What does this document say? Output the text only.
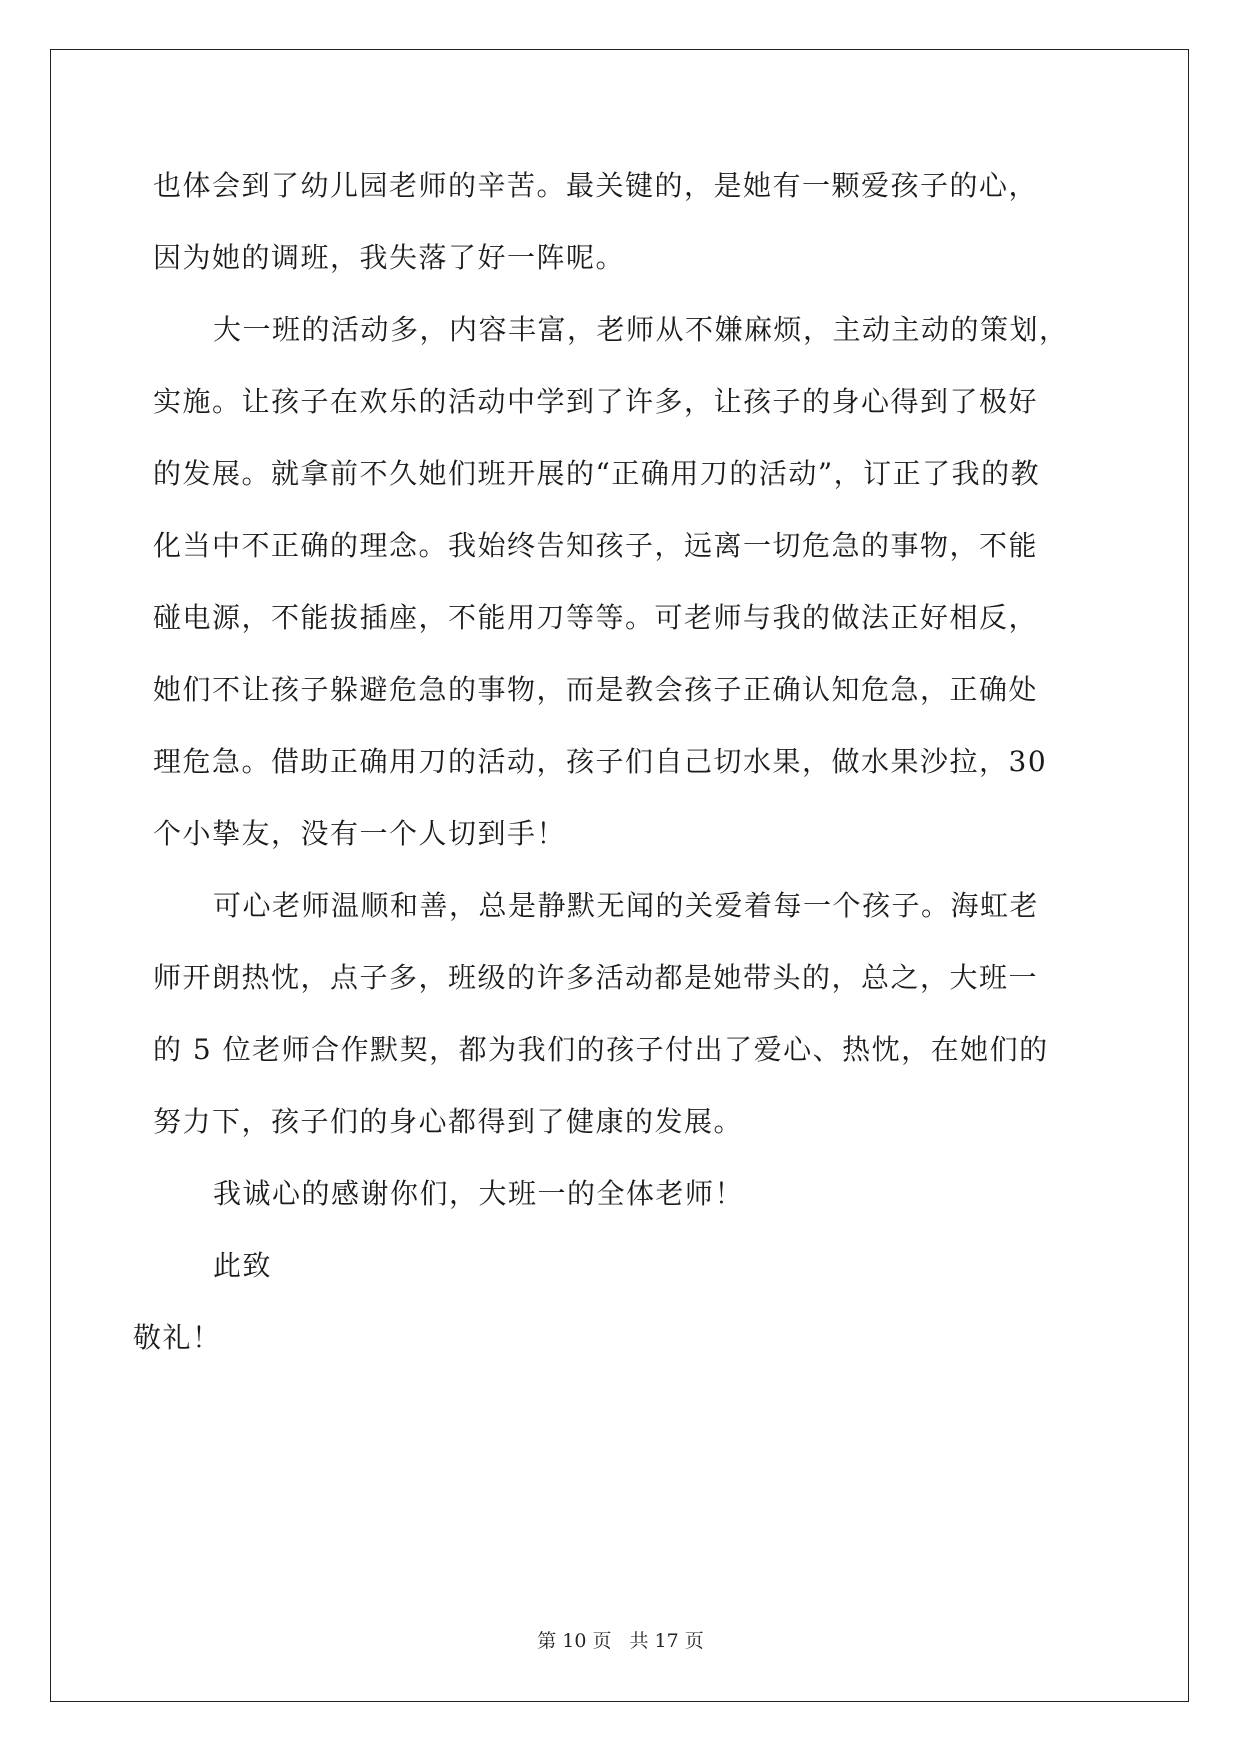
也体会到了幼儿园老师的辛苦。最关键的，是她有一颗爱孩子的心，
因为她的调班，我失落了好一阵呢。
大一班的活动多，内容丰富，老师从不嫌麻烦，主动主动的策划，
实施。让孩子在欢乐的活动中学到了许多，让孩子的身心得到了极好
的发展。就拿前不久她们班开展的“正确用刀的活动”，订正了我的教
化当中不正确的理念。我始终告知孩子，远离一切危急的事物，不能
碰电源，不能拔插座，不能用刀等等。可老师与我的做法正好相反，
她们不让孩子躲避危急的事物，而是教会孩子正确认知危急，正确处
理危急。借助正确用刀的活动，孩子们自己切水果，做水果沙拉，30
个小挚友，没有一个人切到手！
可心老师温顺和善，总是静默无闻的关爱着每一个孩子。海虹老
师开朗热忱，点子多，班级的许多活动都是她带头的，总之，大班一
的 5 位老师合作默契，都为我们的孩子付出了爱心、热忱，在她们的
努力下，孩子们的身心都得到了健康的发展。
我诚心的感谢你们，大班一的全体老师！
此致
敬礼！
第 10 页 共 17 页
